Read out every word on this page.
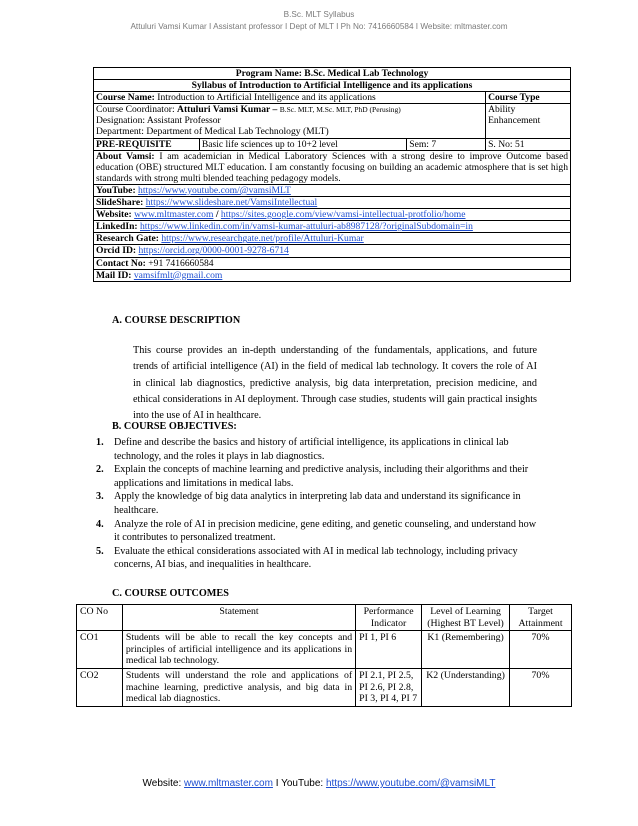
B.Sc. MLT Syllabus
Attuluri Vamsi Kumar I Assistant professor I Dept of MLT I Ph No: 7416660584 I Website: mltmaster.com
Program Name: B.Sc. Medical Lab Technology			
Syllabus of Introduction to Artificial Intelligence and its applications			
Course Name: Introduction to Artificial Intelligence and its applications			Course Type

Course Coordinator: Attuluri Vamsi Kumar – B.Sc. MLT, M.Sc. MLT, PhD (Perusing)
Designation: Assistant Professor
Department: Department of Medical Lab Technology (MLT)			Ability Enhancement
PRE-REQUISITE	Basic life sciences up to 10+2 level	Sem: 7	S. No: 51
About Vamsi: I am academician in Medical Laboratory Sciences with a strong desire to improve Outcome based education (OBE) structured MLT education. I am constantly focusing on building an academic atmosphere that is set high standards with strong multi blended teaching pedagogy models.			
YouTube: https://www.youtube.com/@vamsiMLT			
SlideShare: https://www.slideshare.net/VamsiIntellectual			
Website: www.mltmaster.com / https://sites.google.com/view/vamsi-intellectual-protfolio/home			
LinkedIn: https://www.linkedin.com/in/vamsi-kumar-attuluri-ab8987128/?originalSubdomain=in			
Research Gate: https://www.researchgate.net/profile/Attuluri-Kumar			
Orcid ID: https://orcid.org/0000-0001-9278-6714			
Contact No: +91 7416660584			
Mail ID: vamsifmlt@gmail.com			
A. COURSE DESCRIPTION
This course provides an in-depth understanding of the fundamentals, applications, and future trends of artificial intelligence (AI) in the field of medical lab technology. It covers the role of AI in clinical lab diagnostics, predictive analysis, big data interpretation, precision medicine, and ethical considerations in AI deployment. Through case studies, students will gain practical insights into the use of AI in healthcare.
B. COURSE OBJECTIVES:
1. Define and describe the basics and history of artificial intelligence, its applications in clinical lab technology, and the roles it plays in lab diagnostics.
2. Explain the concepts of machine learning and predictive analysis, including their algorithms and their applications and limitations in medical labs.
3. Apply the knowledge of big data analytics in interpreting lab data and understand its significance in healthcare.
4. Analyze the role of AI in precision medicine, gene editing, and genetic counseling, and understand how it contributes to personalized treatment.
5. Evaluate the ethical considerations associated with AI in medical lab technology, including privacy concerns, AI bias, and inequalities in healthcare.
C. COURSE OUTCOMES
CO No	Statement	Performance Indicator	Level of Learning (Highest BT Level)	Target Attainment
CO1	Students will be able to recall the key concepts and principles of artificial intelligence and its applications in medical lab technology.	PI 1, PI 6	K1 (Remembering)	70%
CO2	Students will understand the role and applications of machine learning, predictive analysis, and big data in medical lab diagnostics.	PI 2.1, PI 2.5, PI 2.6, PI 2.8, PI 3, PI 4, PI 7	K2 (Understanding)	70%
Website: www.mltmaster.com I YouTube: https://www.youtube.com/@vamsiMLT
